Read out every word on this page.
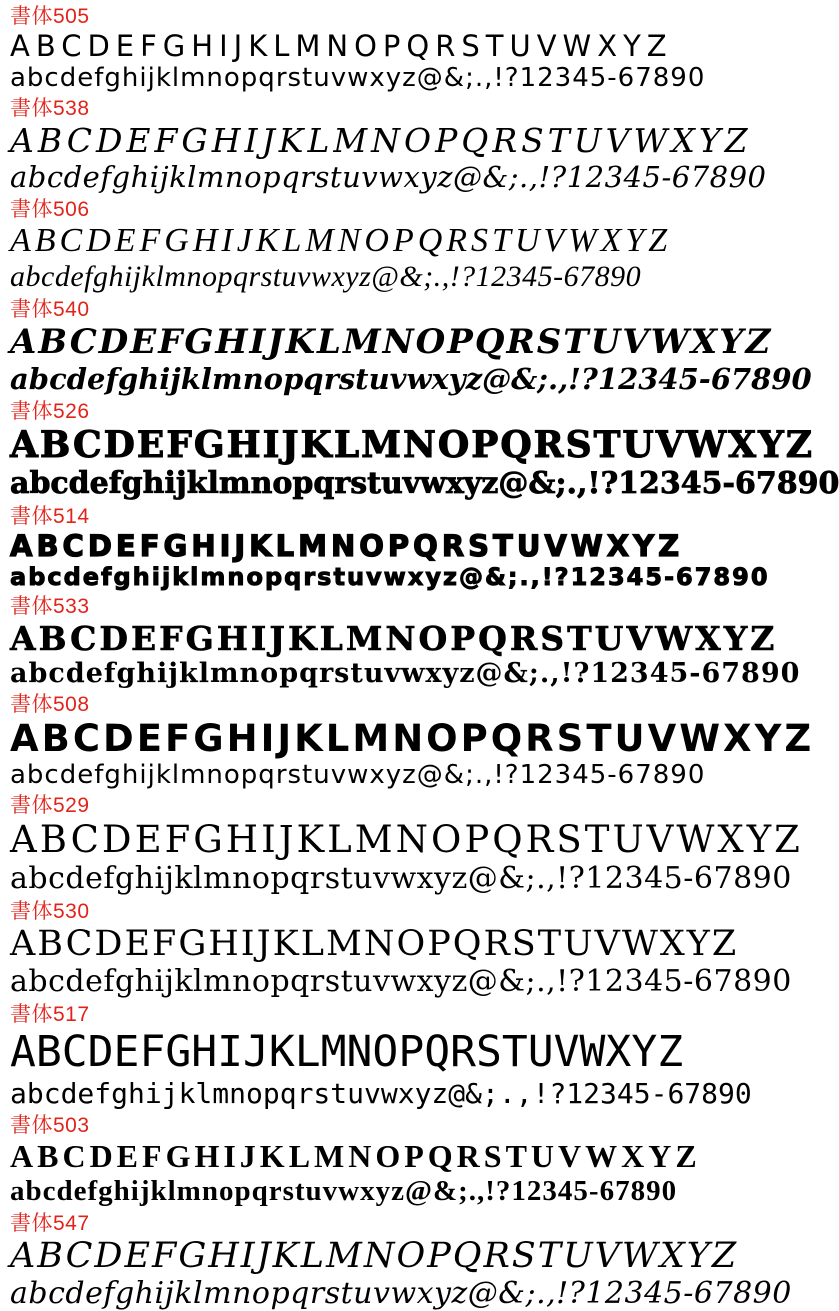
書体505
ABCDEFGHIJKLMNOPQRSTUVWXYZ
abcdefghijklmnopqrstuvwxyz@&;.,!?12345-67890
書体538
ABCDEFGHIJKLMNOPQRSTUVWXYZ
abcdefghijklmnopqrstuvwxyz@&;.,!?12345-67890
書体506
ABCDEFGHIJKLMNOPQRSTUVWXYZ
abcdefghijklmnopqrstuvwxyz@&;.,!?12345-67890
書体540
ABCDEFGHIJKLMNOPQRSTUVWXYZ
abcdefghijklmnopqrstuvwxyz@&;.,!?12345-67890
書体526
ABCDEFGHIJKLMNOPQRSTUVWXYZ
abcdefghijklmnopqrstuvwxyz@&;.,!?12345-67890
書体514
ABCDEFGHIJKLMNOPQRSTUVWXYZ
abcdefghijklmnopqrstuvwxyz@&;.,!?12345-67890
書体533
ABCDEFGHIJKLMNOPQRSTUVWXYZ
abcdefghijklmnopqrstuvwxyz@&;.,!?12345-67890
書体508
ABCDEFGHIJKLMNOPQRSTUVWXYZ
abcdefghijklmnopqrstuvwxyz@&;.,!?12345-67890
書体529
ABCDEFGHIJKLMNOPQRSTUVWXYZ
abcdefghijklmnopqrstuvwxyz@&;.,!?12345-67890
書体530
ABCDEFGHIJKLMNOPQRSTUVWXYZ
abcdefghijklmnopqrstuvwxyz@&;.,!?12345-67890
書体517
ABCDEFGHIJKLMNOPQRSTUVWXYZ
abcdefghijklmnopqrstuvwxyz@&;.,!?12345-67890
書体503
ABCDEFGHIJKLMNOPQRSTUVWXYZ
abcdefghijklmnopqrstuvwxyz@&;.,!?12345-67890
書体547
ABCDEFGHIJKLMNOPQRSTUVWXYZ
abcdefghijklmnopqrstuvwxyz@&;.,!?12345-67890
